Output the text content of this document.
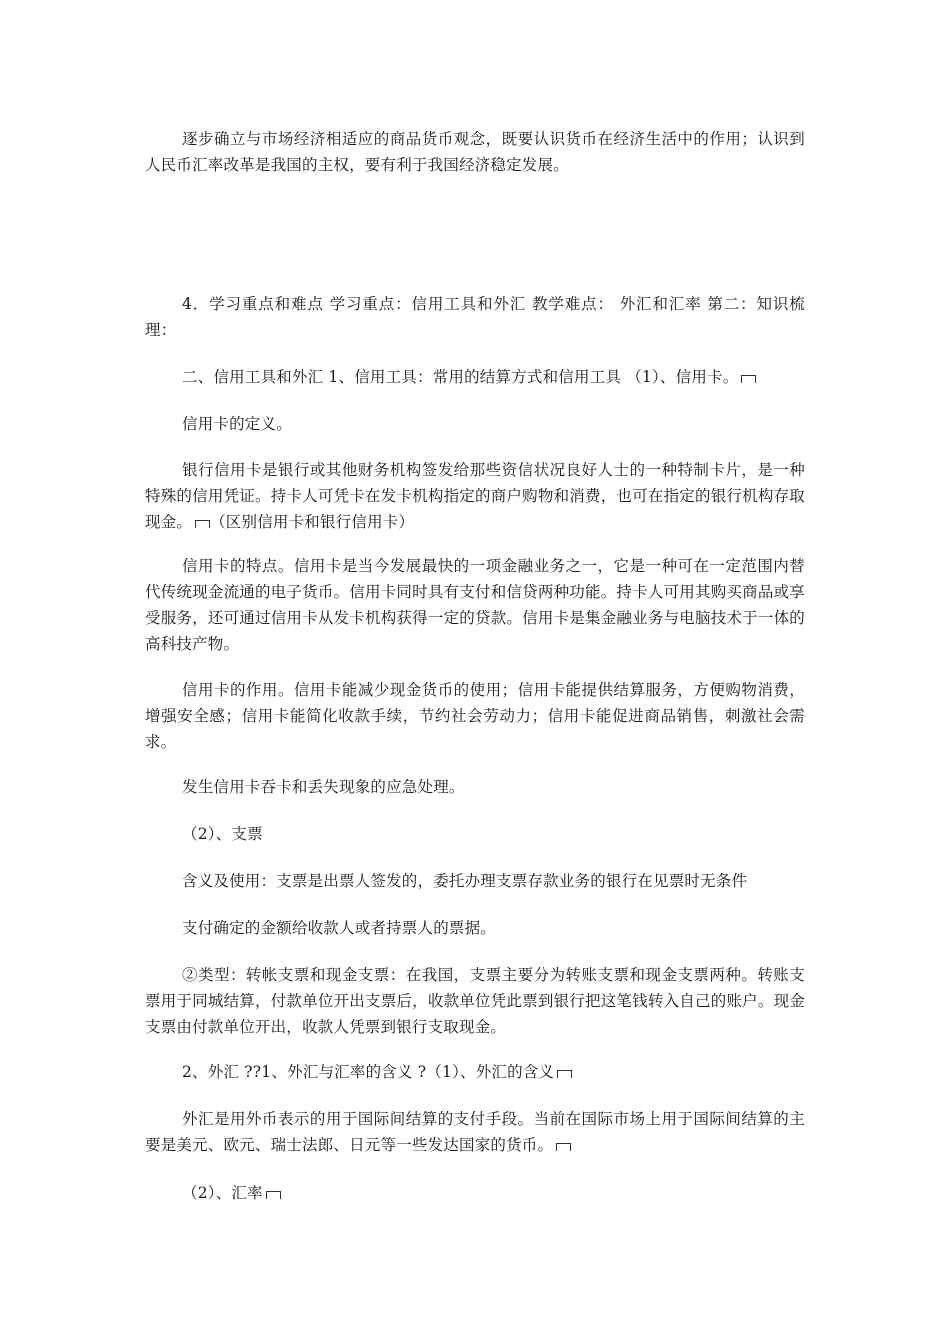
逐步确立与市场经济相适应的商品货币观念，既要认识货币在经济生活中的作用；认识到人民币汇率改革是我国的主权，要有利于我国经济稳定发展。

4．学习重点和难点 学习重点：信用工具和外汇 教学难点： 外汇和汇率 第二：知识梳理：

二、信用工具和外汇 1、信用工具：常用的结算方式和信用工具 （1）、信用卡。

信用卡的定义。

银行信用卡是银行或其他财务机构签发给那些资信状况良好人士的一种特制卡片，是一种特殊的信用凭证。持卡人可凭卡在发卡机构指定的商户购物和消费，也可在指定的银行机构存取现金。 （区别信用卡和银行信用卡）

信用卡的特点。信用卡是当今发展最快的一项金融业务之一，它是一种可在一定范围内替代传统现金流通的电子货币。信用卡同时具有支付和信贷两种功能。持卡人可用其购买商品或享受服务，还可通过信用卡从发卡机构获得一定的贷款。信用卡是集金融业务与电脑技术于一体的高科技产物。

信用卡的作用。信用卡能减少现金货币的使用；信用卡能提供结算服务，方便购物消费，增强安全感；信用卡能简化收款手续，节约社会劳动力；信用卡能促进商品销售，刺激社会需求。

发生信用卡吞卡和丢失现象的应急处理。

（2）、支票

含义及使用：支票是出票人签发的，委托办理支票存款业务的银行在见票时无条件

支付确定的金额给收款人或者持票人的票据。

②类型：转帐支票和现金支票：在我国，支票主要分为转账支票和现金支票两种。转账支票用于同城结算，付款单位开出支票后，收款单位凭此票到银行把这笔钱转入自己的账户。现金支票由付款单位开出，收款人凭票到银行支取现金。

2、外汇 ??1、外汇与汇率的含义 ?（1）、外汇的含义

外汇是用外币表示的用于国际间结算的支付手段。当前在国际市场上用于国际间结算的主要是美元、欧元、瑞士法郎、日元等一些发达国家的货币。

（2）、汇率
